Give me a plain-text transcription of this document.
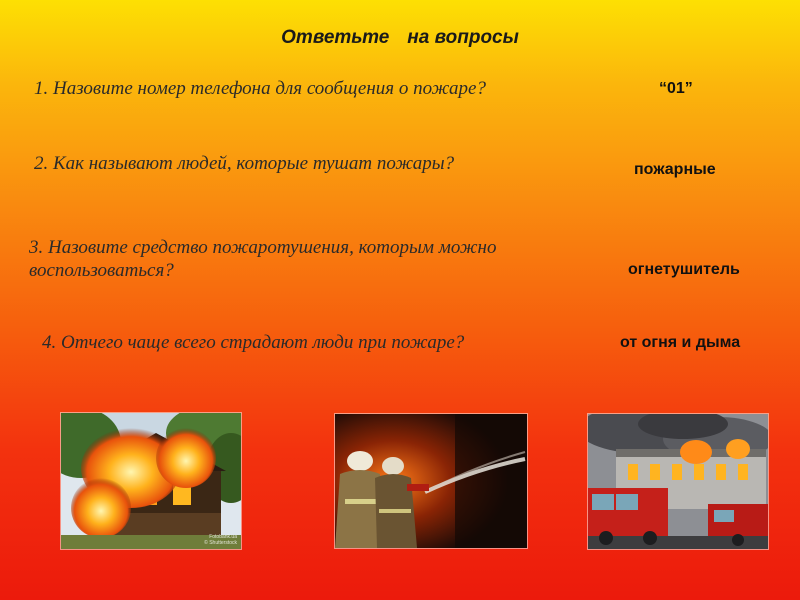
Ответьте на вопросы
1. Назовите номер телефона для сообщения о пожаре?	“01”
2. Как называют людей, которые тушат пожары?	пожарные
3. Назовите средство пожаротушения, которым можно
воспользоваться?	огнетушитель
4. Отчего чаще всего страдают люди при пожаре?	от огня и дыма
Fotobank.ua
© Shutterstock
